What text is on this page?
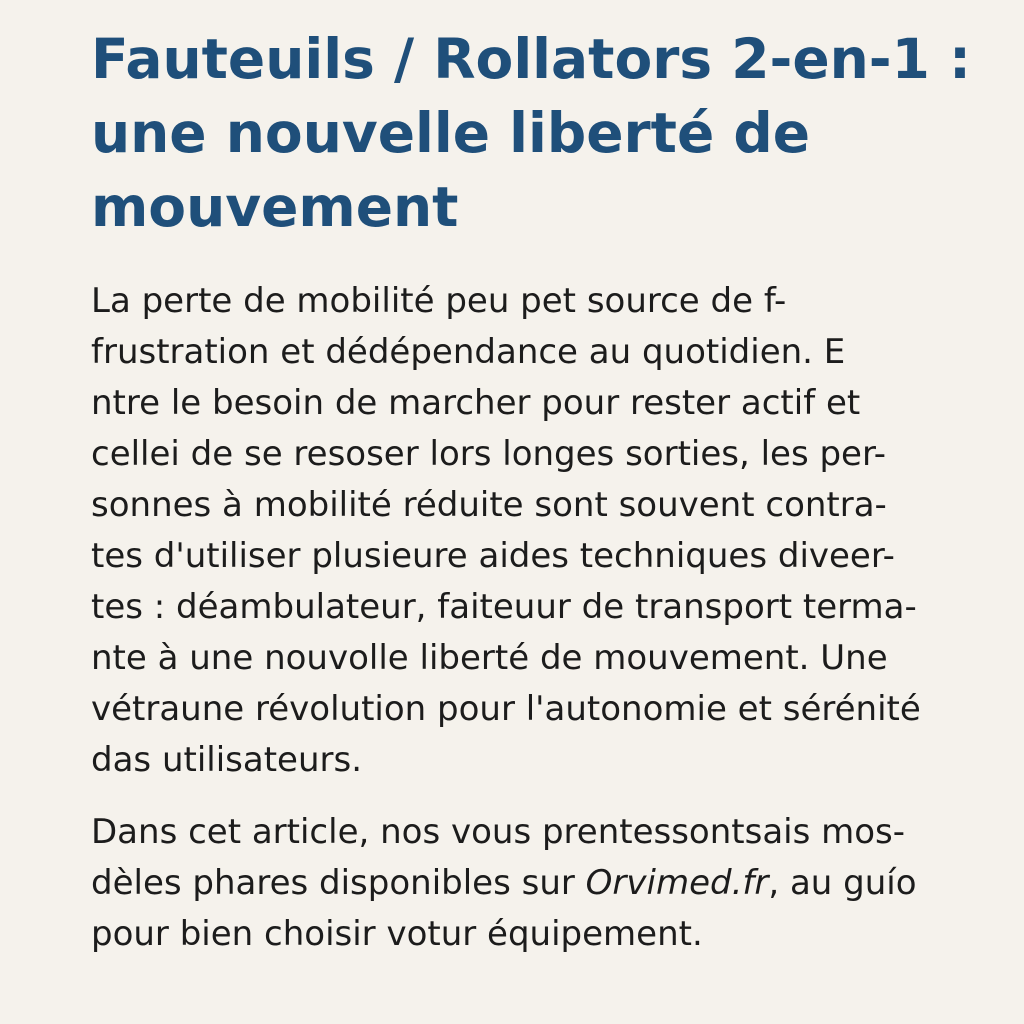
Fauteuils / Rollators 2-en-1 :
une nouvelle liberté de
mouvement

La perte de mobilité peu pet source de f-
frustration et dédépendance au quotidien. E
ntre le besoin de marcher pour rester actif et
cellei de se resoser lors longes sorties, les per-
sonnes à mobilité réduite sont souvent contra-
tes d'utiliser plusieure aides techniques diveer-
tes : déambulateur, faiteuur de transport terma-
nte à une nouvolle liberté de mouvement. Une
vétraune révolution pour l'autonomie et sérénité
das utilisateurs.

Dans cet article, nos vous prentessontsais mos-
dèles phares disponibles sur Orvimed.fr, au guío
pour bien choisir votur équipement.
